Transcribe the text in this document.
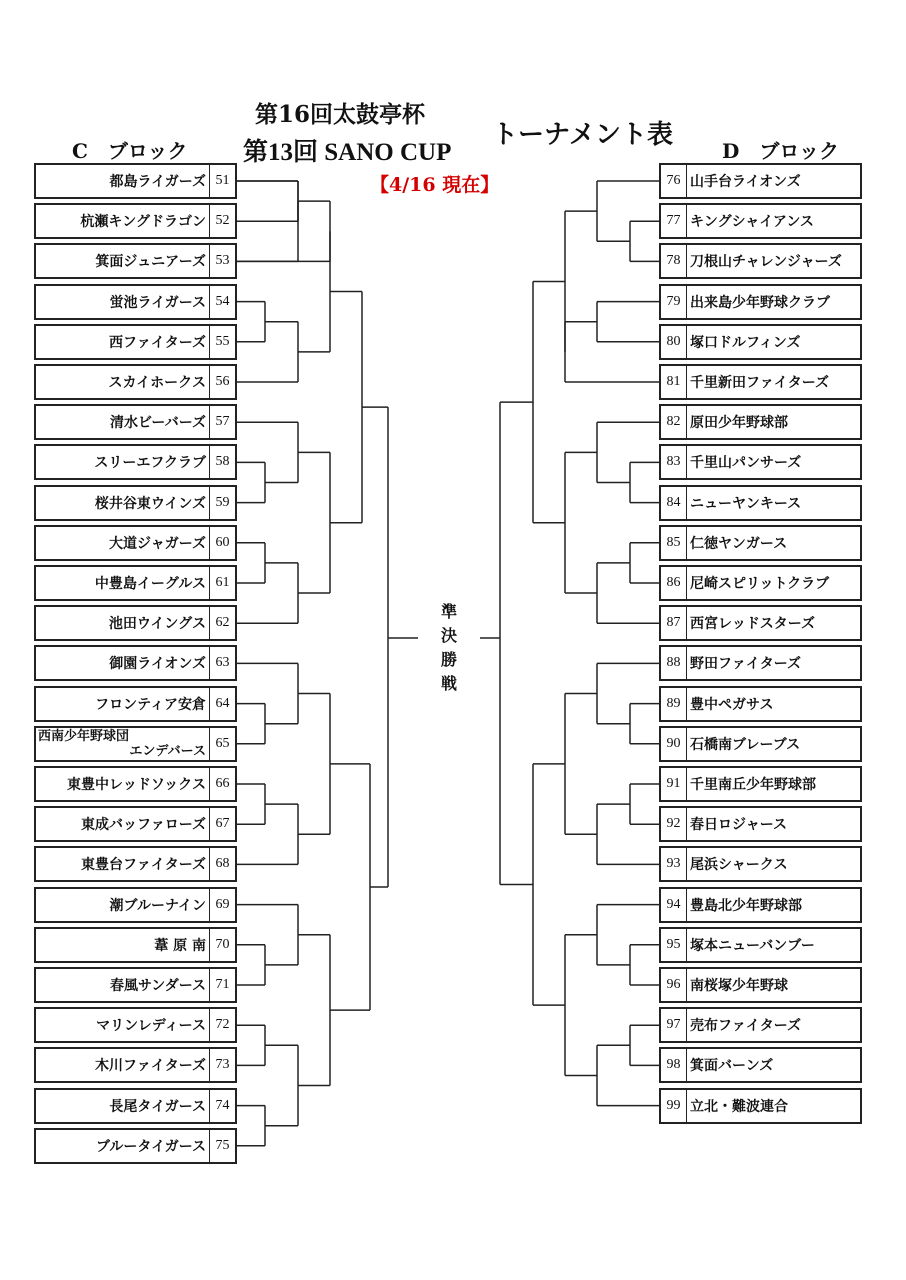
第16回太鼓亭杯
第13回 SANO CUP
トーナメント表
【4/16 現在】
C　ブロック	D　ブロック
準
決
勝
戦
都島ライガーズ 51
杭瀬キングドラゴン 52
箕面ジュニアーズ 53
蛍池ライガース 54
西ファイターズ 55
スカイホークス 56
清水ビーバーズ 57
スリーエフクラブ 58
桜井谷東ウインズ 59
大道ジャガーズ 60
中豊島イーグルス 61
池田ウイングス 62
御園ライオンズ 63
フロンティア安倉 64
西南少年野球団
エンデバース
65
東豊中レッドソックス 66
東成バッファローズ 67
東豊台ファイターズ 68
潮ブルーナイン 69
葦 原 南 70
春風サンダース 71
マリンレディース 72
木川ファイターズ 73
長尾タイガース 74
ブルータイガース 75
山手台ライオンズ
76
キングシャイアンス
77
刀根山チャレンジャーズ
78
出来島少年野球クラブ
79
塚口ドルフィンズ
80
千里新田ファイターズ
81
原田少年野球部
82
千里山パンサーズ
83
ニューヤンキース
84
仁徳ヤンガース
85
尼崎スピリットクラブ
86
西宮レッドスターズ
87
野田ファイターズ
88
豊中ペガサス
89
石橋南ブレーブス
90
千里南丘少年野球部
91
春日ロジャース
92
尾浜シャークス
93
豊島北少年野球部
94
塚本ニューバンブー
95
南桜塚少年野球
96
売布ファイターズ
97
箕面バーンズ
98
立北・難波連合
99
